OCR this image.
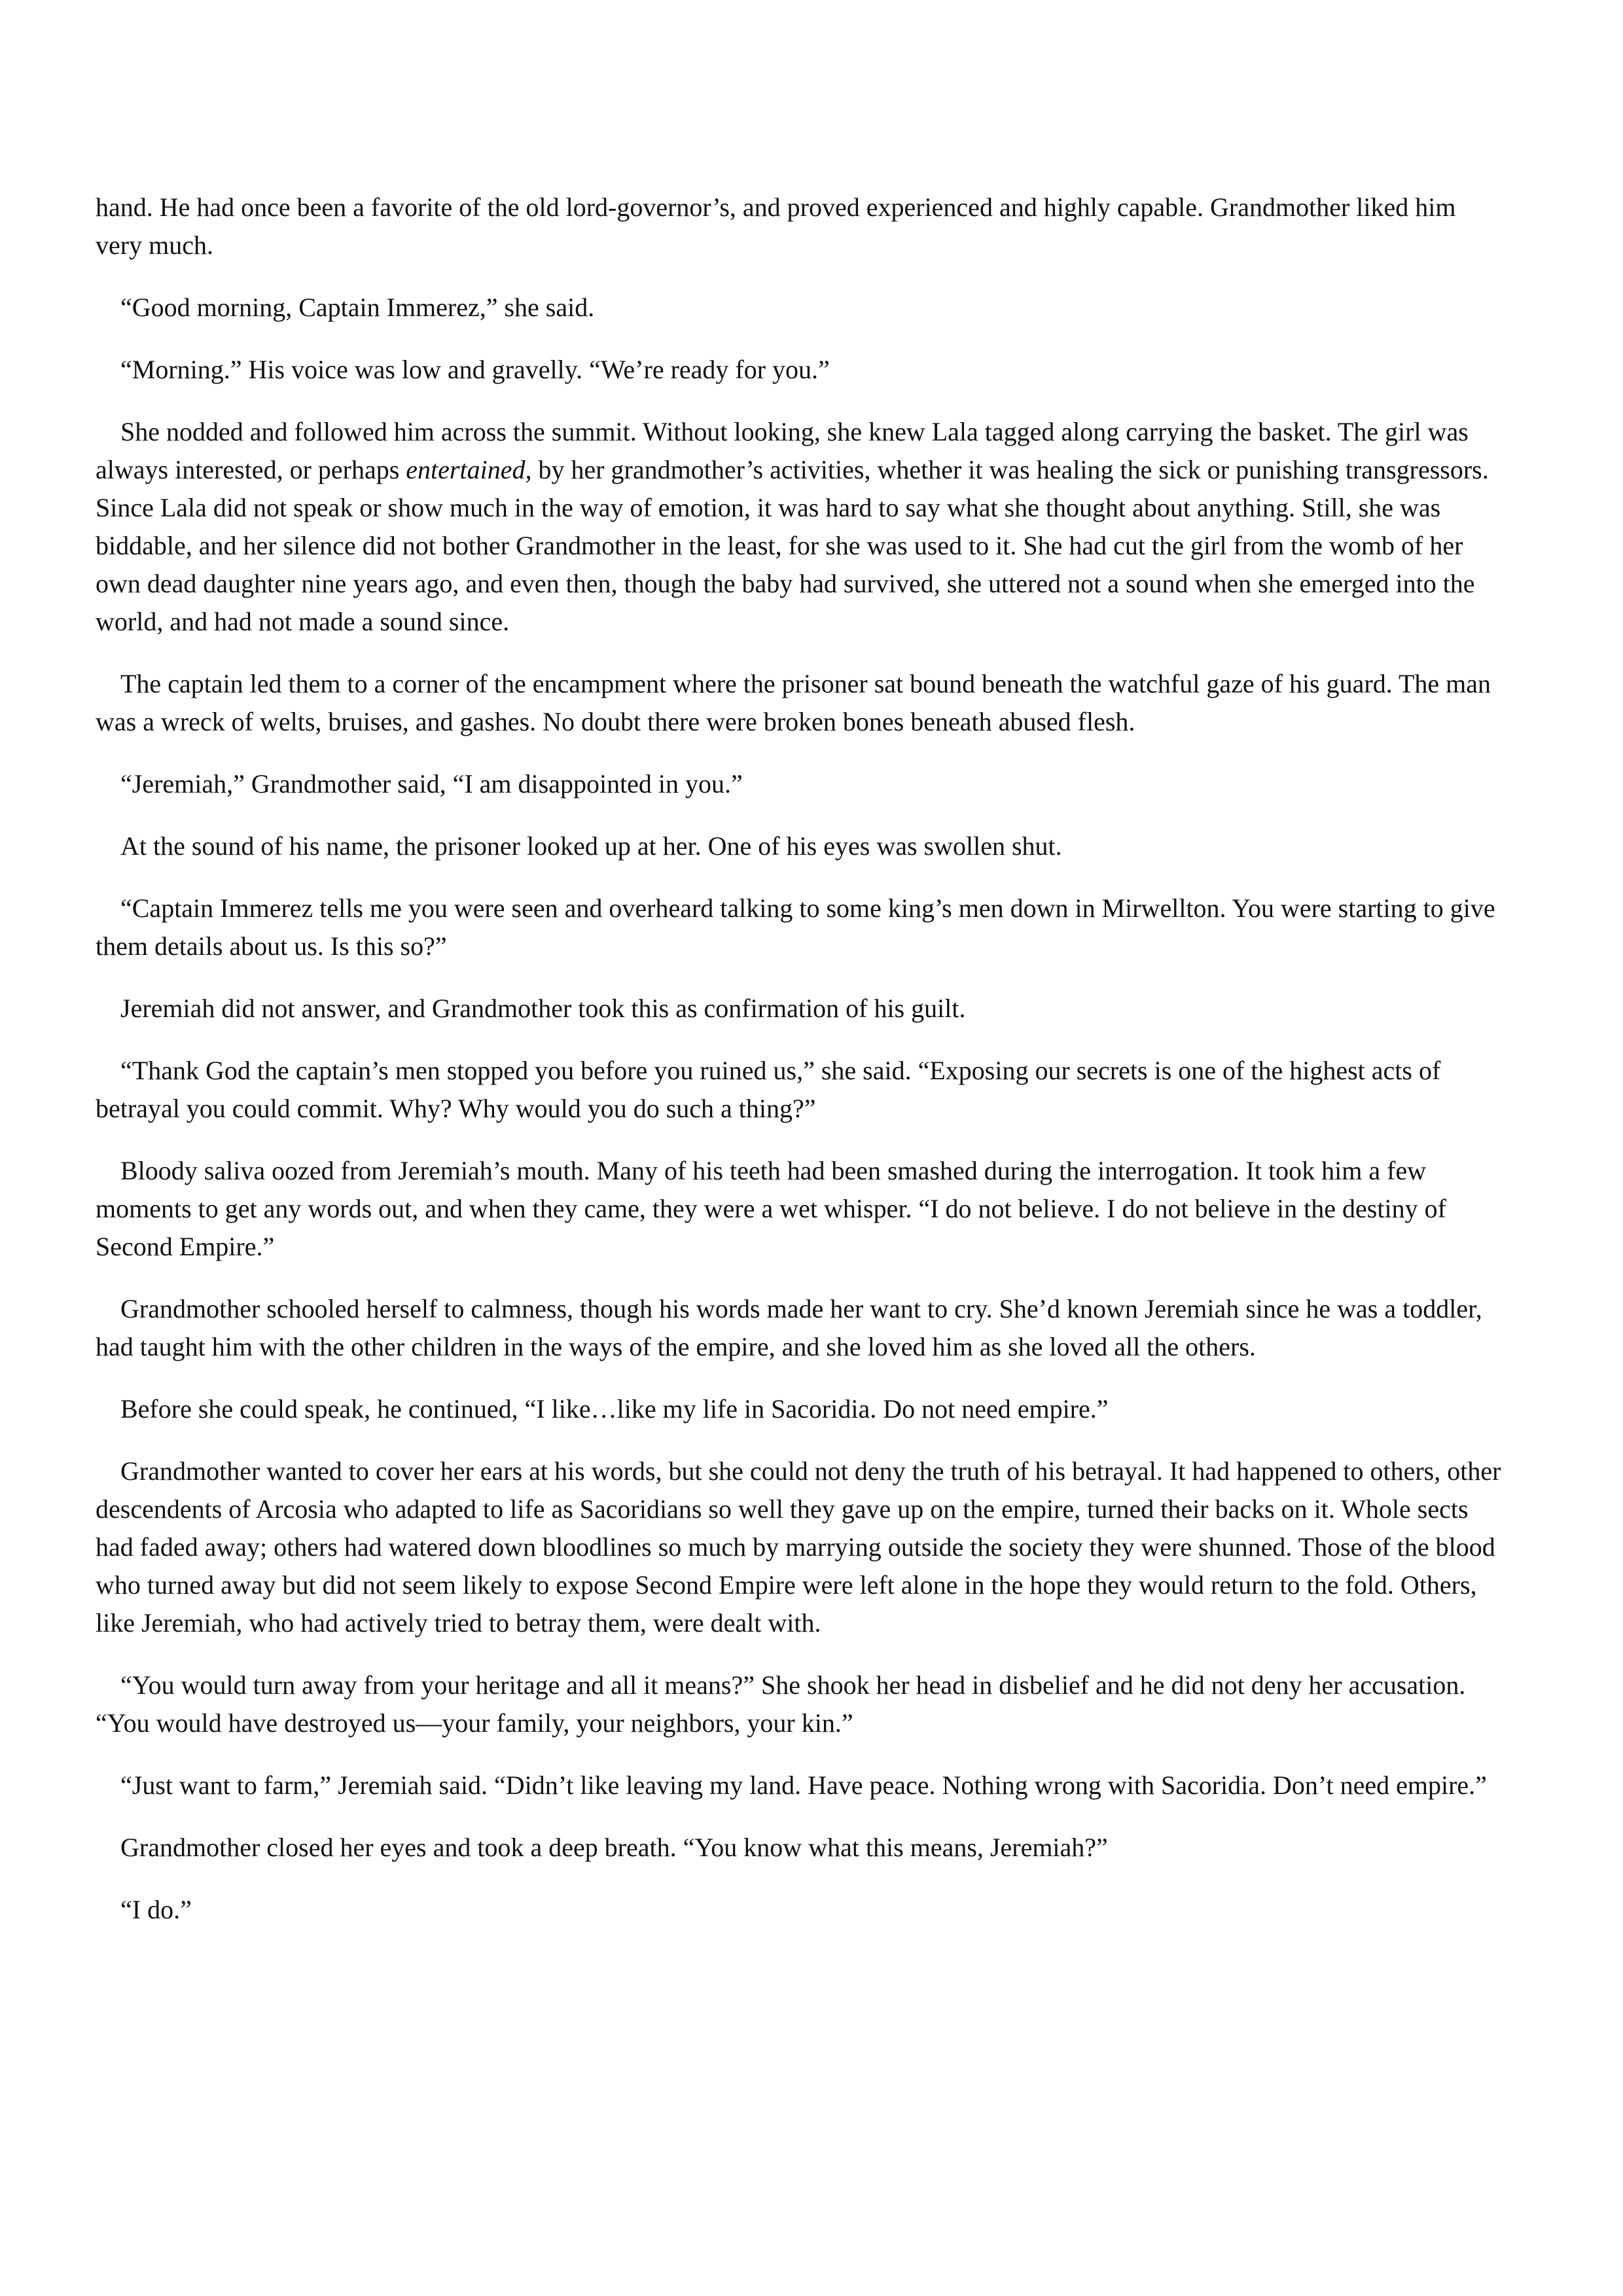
hand. He had once been a favorite of the old lord-governor’s, and proved experienced and highly capable. Grandmother liked him very much.

“Good morning, Captain Immerez,” she said.

“Morning.” His voice was low and gravelly. “We’re ready for you.”

She nodded and followed him across the summit. Without looking, she knew Lala tagged along carrying the basket. The girl was always interested, or perhaps entertained, by her grandmother’s activities, whether it was healing the sick or punishing transgressors. Since Lala did not speak or show much in the way of emotion, it was hard to say what she thought about anything. Still, she was biddable, and her silence did not bother Grandmother in the least, for she was used to it. She had cut the girl from the womb of her own dead daughter nine years ago, and even then, though the baby had survived, she uttered not a sound when she emerged into the world, and had not made a sound since.

The captain led them to a corner of the encampment where the prisoner sat bound beneath the watchful gaze of his guard. The man was a wreck of welts, bruises, and gashes. No doubt there were broken bones beneath abused flesh.

“Jeremiah,” Grandmother said, “I am disappointed in you.”

At the sound of his name, the prisoner looked up at her. One of his eyes was swollen shut.

“Captain Immerez tells me you were seen and overheard talking to some king’s men down in Mirwellton. You were starting to give them details about us. Is this so?”

Jeremiah did not answer, and Grandmother took this as confirmation of his guilt.

“Thank God the captain’s men stopped you before you ruined us,” she said. “Exposing our secrets is one of the highest acts of betrayal you could commit. Why? Why would you do such a thing?”

Bloody saliva oozed from Jeremiah’s mouth. Many of his teeth had been smashed during the interrogation. It took him a few moments to get any words out, and when they came, they were a wet whisper. “I do not believe. I do not believe in the destiny of Second Empire.”

Grandmother schooled herself to calmness, though his words made her want to cry. She’d known Jeremiah since he was a toddler, had taught him with the other children in the ways of the empire, and she loved him as she loved all the others.

Before she could speak, he continued, “I like…like my life in Sacoridia. Do not need empire.”

Grandmother wanted to cover her ears at his words, but she could not deny the truth of his betrayal. It had happened to others, other descendents of Arcosia who adapted to life as Sacoridians so well they gave up on the empire, turned their backs on it. Whole sects had faded away; others had watered down bloodlines so much by marrying outside the society they were shunned. Those of the blood who turned away but did not seem likely to expose Second Empire were left alone in the hope they would return to the fold. Others, like Jeremiah, who had actively tried to betray them, were dealt with.

“You would turn away from your heritage and all it means?” She shook her head in disbelief and he did not deny her accusation. “You would have destroyed us—your family, your neighbors, your kin.”

“Just want to farm,” Jeremiah said. “Didn’t like leaving my land. Have peace. Nothing wrong with Sacoridia. Don’t need empire.”

Grandmother closed her eyes and took a deep breath. “You know what this means, Jeremiah?”

“I do.”
